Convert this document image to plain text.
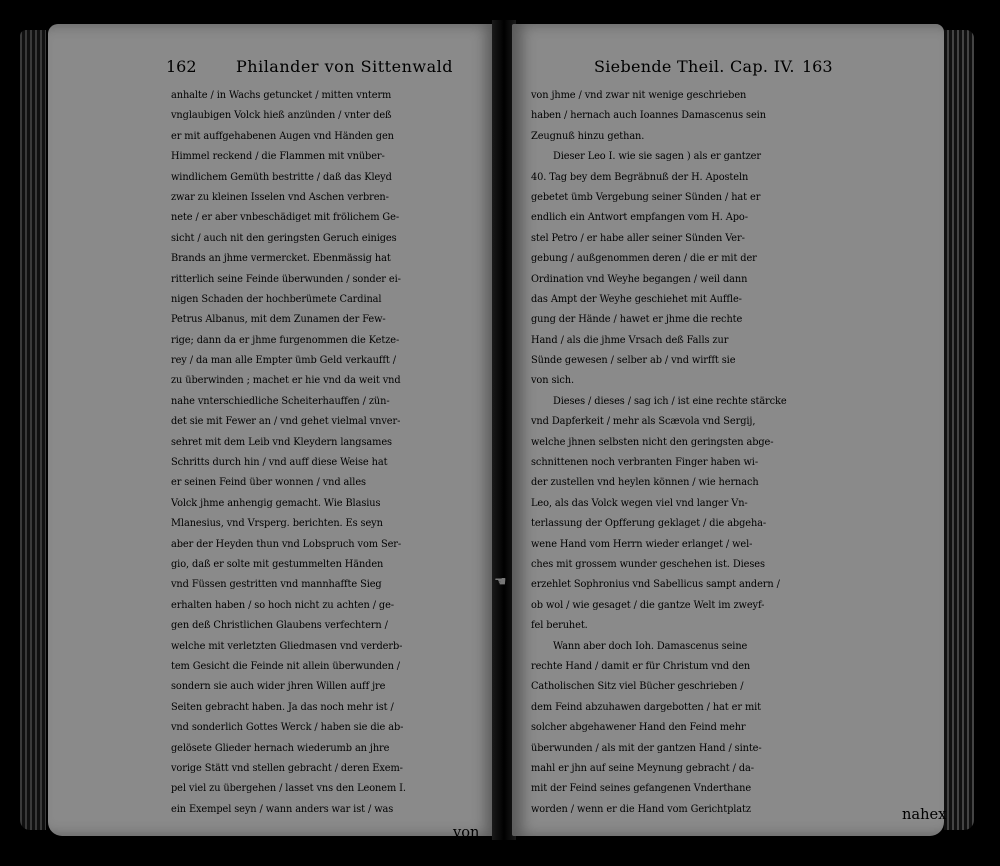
162 Philander von Sittenwald
anhalte / in Wachs getuncket / mitten vnterm
vnglaubigen Volck hieß anzünden / vnter deß
er mit auffgehabenen Augen vnd Händen gen
Himmel reckend / die Flammen mit vnüber-
windlichem Gemüth bestritte / daß das Kleyd
zwar zu kleinen Isselen vnd Aschen verbren-
nete / er aber vnbeschädiget mit frölichem Ge-
sicht / auch nit den geringsten Geruch einiges
Brands an jhme vermercket. Ebenmässig hat
ritterlich seine Feinde überwunden / sonder ei-
nigen Schaden der hochberümete Cardinal
Petrus Albanus, mit dem Zunamen der Few-
rige; dann da er jhme furgenommen die Ketze-
rey / da man alle Empter ümb Geld verkaufft /
zu überwinden ; machet er hie vnd da weit vnd
nahe vnterschiedliche Scheiterhauffen / zün-
det sie mit Fewer an / vnd gehet vielmal vnver-
sehret mit dem Leib vnd Kleydern langsames
Schritts durch hin / vnd auff diese Weise hat
er seinen Feind über wonnen / vnd alles
Volck jhme anhengig gemacht. Wie Blasius
Mlanesius, vnd Vrsperg. berichten. Es seyn
aber der Heyden thun vnd Lobspruch vom Ser-
gio, daß er solte mit gestummelten Händen
vnd Füssen gestritten vnd mannhaffte Sieg
erhalten haben / so hoch nicht zu achten / ge-
gen deß Christlichen Glaubens verfechtern /
welche mit verletzten Gliedmasen vnd verderb-
tem Gesicht die Feinde nit allein überwunden /
sondern sie auch wider jhren Willen auff jre
Seiten gebracht haben. Ja das noch mehr ist /
vnd sonderlich Gottes Werck / haben sie die ab-
gelösete Glieder hernach wiederumb an jhre
vorige Stätt vnd stellen gebracht / deren Exem-
pel viel zu übergehen / lasset vns den Leonem I.
ein Exempel seyn / wann anders war ist / was
von
Siebende Theil. Cap. IV. 163
von jhme / vnd zwar nit wenige geschrieben
haben / hernach auch Ioannes Damascenus sein
Zeugnuß hinzu gethan.
Dieser Leo I. wie sie sagen ) als er gantzer
40. Tag bey dem Begräbnuß der H. Aposteln
gebetet ümb Vergebung seiner Sünden / hat er
endlich ein Antwort empfangen vom H. Apo-
stel Petro / er habe aller seiner Sünden Ver-
gebung / außgenommen deren / die er mit der
Ordination vnd Weyhe begangen / weil dann
das Ampt der Weyhe geschiehet mit Auffle-
gung der Hände / hawet er jhme die rechte
Hand / als die jhme Vrsach deß Falls zur
Sünde gewesen / selber ab / vnd wirfft sie
von sich.
Dieses / dieses / sag ich / ist eine rechte stärcke
vnd Dapferkeit / mehr als Scævola vnd Sergij,
welche jhnen selbsten nicht den geringsten abge-
schnittenen noch verbranten Finger haben wi-
der zustellen vnd heylen können / wie hernach
Leo, als das Volck wegen viel vnd langer Vn-
terlassung der Opfferung geklaget / die abgeha-
wene Hand vom Herrn wieder erlanget / wel-
ches mit grossem wunder geschehen ist. Dieses
erzehlet Sophronius vnd Sabellicus sampt andern /
ob wol / wie gesaget / die gantze Welt im zweyf-
fel beruhet.
Wann aber doch Ioh. Damascenus seine
rechte Hand / damit er für Christum vnd den
Catholischen Sitz viel Bücher geschrieben /
dem Feind abzuhawen dargebotten / hat er mit
solcher abgehawener Hand den Feind mehr
überwunden / als mit der gantzen Hand / sinte-
mahl er jhn auf seine Meynung gebracht / da-
mit der Feind seines gefangenen Vnderthane
worden / wenn er die Hand vom Gerichtplatz	nahex
☚
